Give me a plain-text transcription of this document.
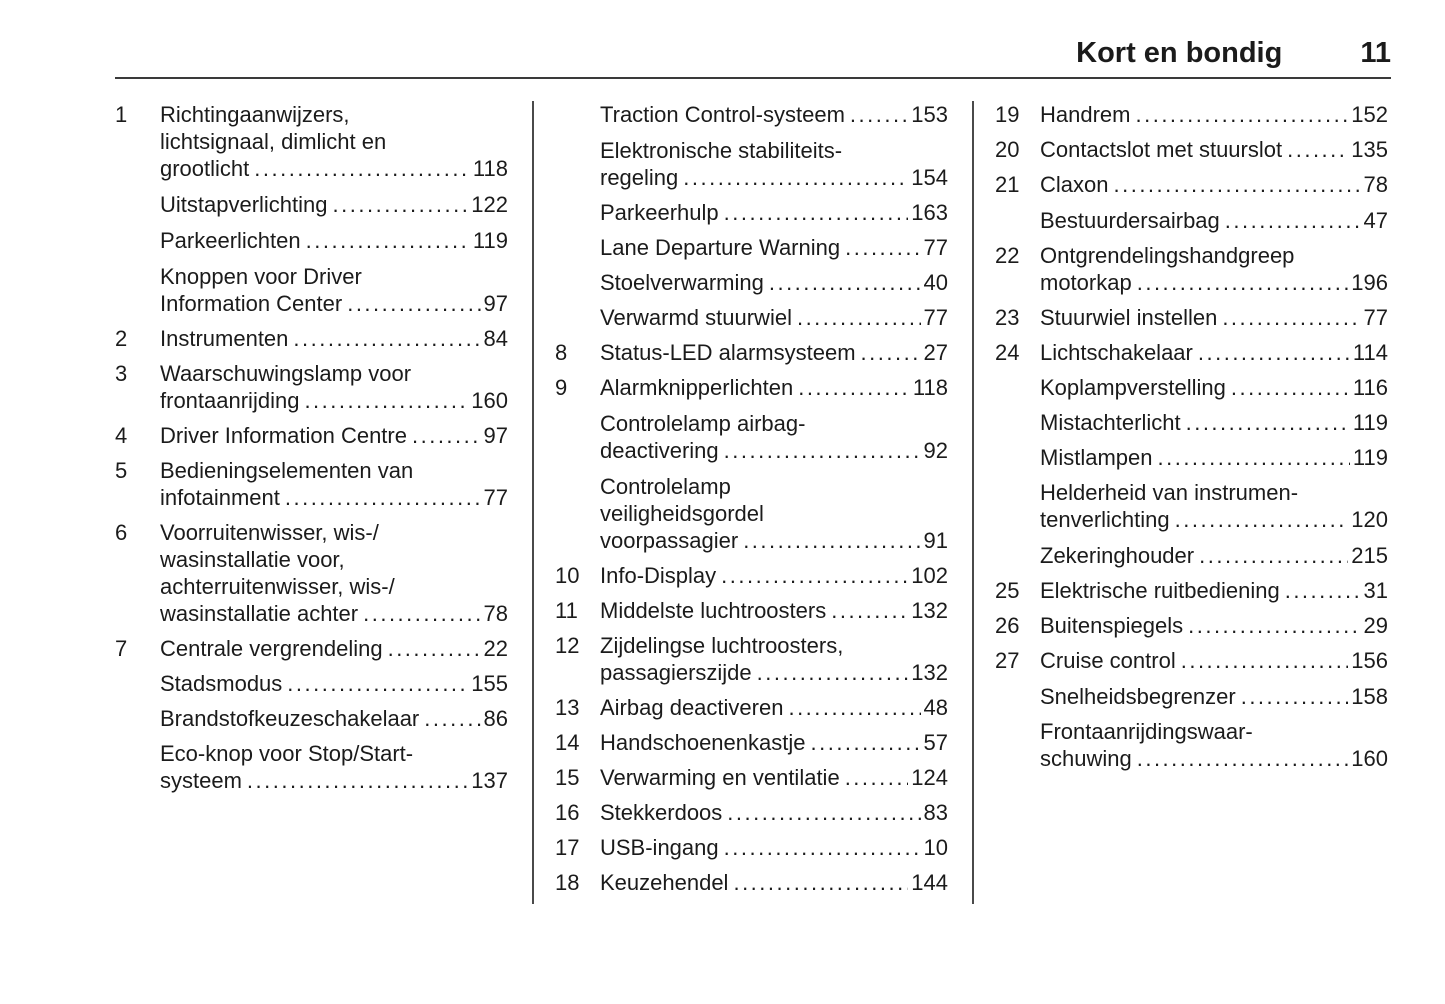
Kort en bondig	11
1	Richtingaanwijzers,
lichtsignaal, dimlicht en
grootlicht .....	118
Uitstapverlichting .....	122
Parkeerlichten .....	119
Knoppen voor Driver
Information Center .....	97
2	Instrumenten .....	84
3	Waarschuwingslamp voor
frontaanrijding .....	160
4	Driver Information Centre .....	97
5	Bedieningselementen van
infotainment .....	77
6	Voorruitenwisser, wis-/
wasinstallatie voor,
achterruitenwisser, wis-/
wasinstallatie achter .....	78
7	Centrale vergrendeling .....	22
Stadsmodus .....	155
Brandstofkeuzeschakelaar .....	86
Eco-knop voor Stop/Start-
systeem .....	137
Traction Control-systeem .....	153
Elektronische stabiliteits-
regeling .....	154
Parkeerhulp .....	163
Lane Departure Warning .....	77
Stoelverwarming .....	40
Verwarmd stuurwiel .....	77
8	Status-LED alarmsysteem .....	27
9	Alarmknipperlichten .....	118
Controlelamp airbag-
deactivering .....	92
Controlelamp
veiligheidsgordel
voorpassagier .....	91
10 Info-Display .....	102
11	Middelste luchtroosters .....	132
12 Zijdelingse luchtroosters,
passagierszijde .....	132
13 Airbag deactiveren .....	48
14 Handschoenenkastje .....	57
15 Verwarming en ventilatie .....	124
16 Stekkerdoos .....	83
17 USB-ingang .....	10
18 Keuzehendel .....	144
19 Handrem .....	152
20 Contactslot met stuurslot .....	135
21 Claxon .....	78
Bestuurdersairbag .....	47
22 Ontgrendelingshandgreep
motorkap .....	196
23 Stuurwiel instellen .....	77
24 Lichtschakelaar .....	114
Koplampverstelling .....	116
Mistachterlicht .....	119
Mistlampen .....	119
Helderheid van instrumen-
tenverlichting .....	120
Zekeringhouder .....	215
25 Elektrische ruitbediening .....	31
26 Buitenspiegels .....	29
27 Cruise control .....	156
Snelheidsbegrenzer .....	158
Frontaanrijdingswaar-
schuwing .....	160
